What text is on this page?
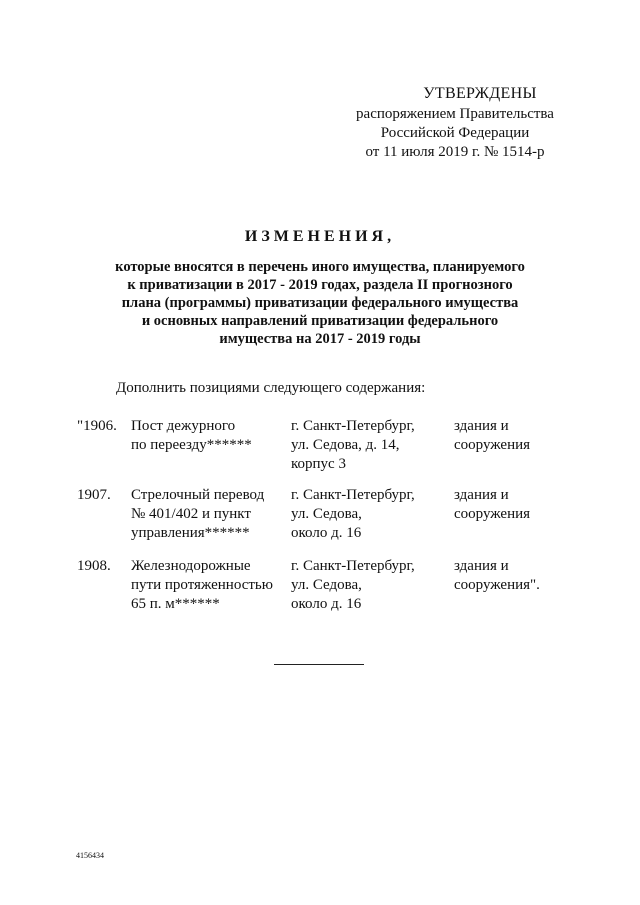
УТВЕРЖДЕНЫ
распоряжением Правительства
Российской Федерации
от 11 июля 2019 г. № 1514-р
ИЗМЕНЕНИЯ,
которые вносятся в перечень иного имущества, планируемого
к приватизации в 2017 - 2019 годах, раздела II прогнозного
плана (программы) приватизации федерального имущества
и основных направлений приватизации федерального
имущества на 2017 - 2019 годы
Дополнить позициями следующего содержания:
"1906. Пост дежурного
по переезду******
г. Санкт-Петербург,
ул. Седова, д. 14,
корпус 3
здания и
сооружения
1907. Стрелочный перевод
№ 401/402 и пункт
управления******
г. Санкт-Петербург,
ул. Седова,
около д. 16
здания и
сооружения
1908. Железнодорожные
пути протяженностью
65 п. м******
г. Санкт-Петербург,
ул. Седова,
около д. 16
здания и
сооружения".
4156434
